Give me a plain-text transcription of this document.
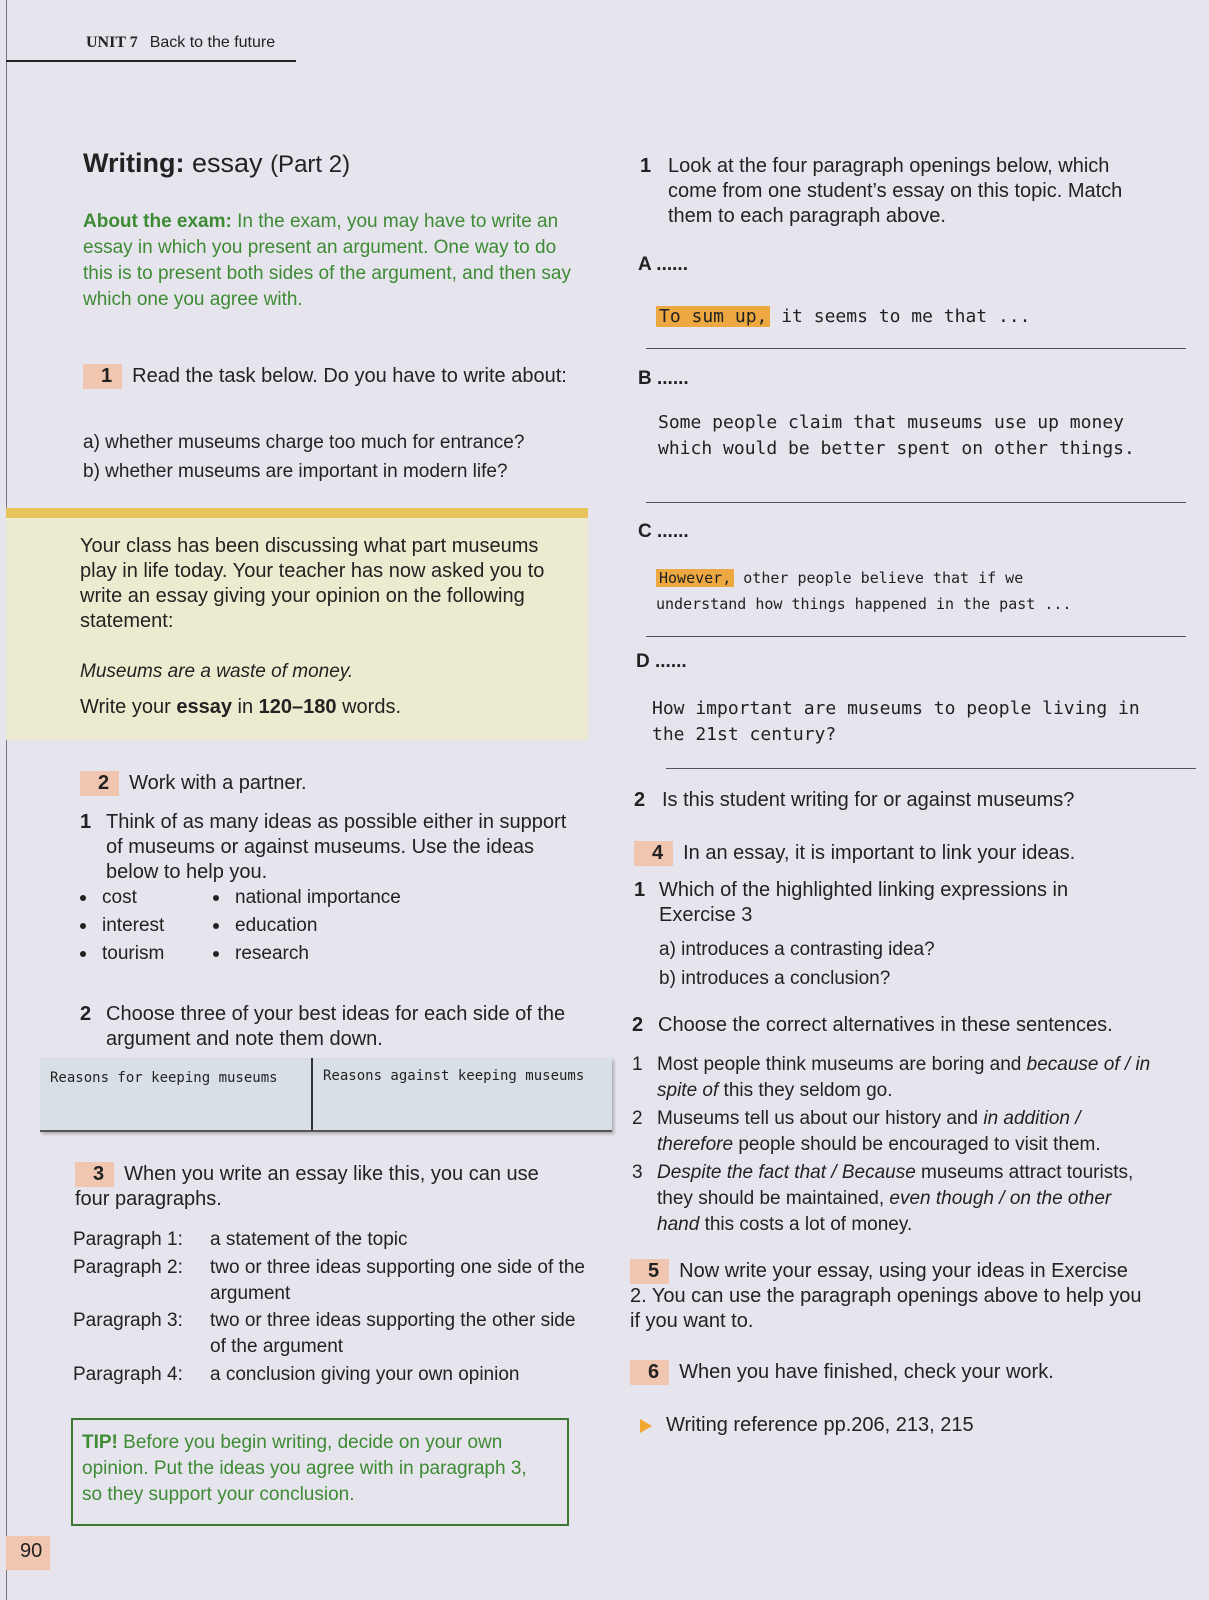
UNIT 7 Back to the future
Writing: essay (Part 2)
About the exam: In the exam, you may have to write an essay in which you present an argument. One way to do this is to present both sides of the argument, and then say which one you agree with.
1 Read the task below. Do you have to write about:
a) whether museums charge too much for entrance?
b) whether museums are important in modern life?
Your class has been discussing what part museums play in life today. Your teacher has now asked you to write an essay giving your opinion on the following statement:
Museums are a waste of money.
Write your essay in 120–180 words.
2 Work with a partner.
1 Think of as many ideas as possible either in support of museums or against museums. Use the ideas below to help you.
cost
interest
tourism
national importance
education
research
2 Choose three of your best ideas for each side of the argument and note them down.
Reasons for keeping museums	Reasons against keeping museums
3 When you write an essay like this, you can use four paragraphs.
Paragraph 1: a statement of the topic
Paragraph 2: two or three ideas supporting one side of the argument
Paragraph 3: two or three ideas supporting the other side of the argument
Paragraph 4: a conclusion giving your own opinion
TIP! Before you begin writing, decide on your own opinion. Put the ideas you agree with in paragraph 3, so they support your conclusion.
90
1 Look at the four paragraph openings below, which come from one student’s essay on this topic. Match them to each paragraph above.
A ......
To sum up, it seems to me that ...
B ......
Some people claim that museums use up money which would be better spent on other things.
C ......
However, other people believe that if we
understand how things happened in the past ...
D ......
How important are museums to people living in the 21st century?
2 Is this student writing for or against museums?
4 In an essay, it is important to link your ideas.
1 Which of the highlighted linking expressions in Exercise 3
a) introduces a contrasting idea?
b) introduces a conclusion?
2 Choose the correct alternatives in these sentences.
1 Most people think museums are boring and because of / in spite of this they seldom go.
2 Museums tell us about our history and in addition / therefore people should be encouraged to visit them.
3 Despite the fact that / Because museums attract tourists, they should be maintained, even though / on the other hand this costs a lot of money.
5 Now write your essay, using your ideas in Exercise 2. You can use the paragraph openings above to help you if you want to.
6 When you have finished, check your work.
Writing reference pp.206, 213, 215
